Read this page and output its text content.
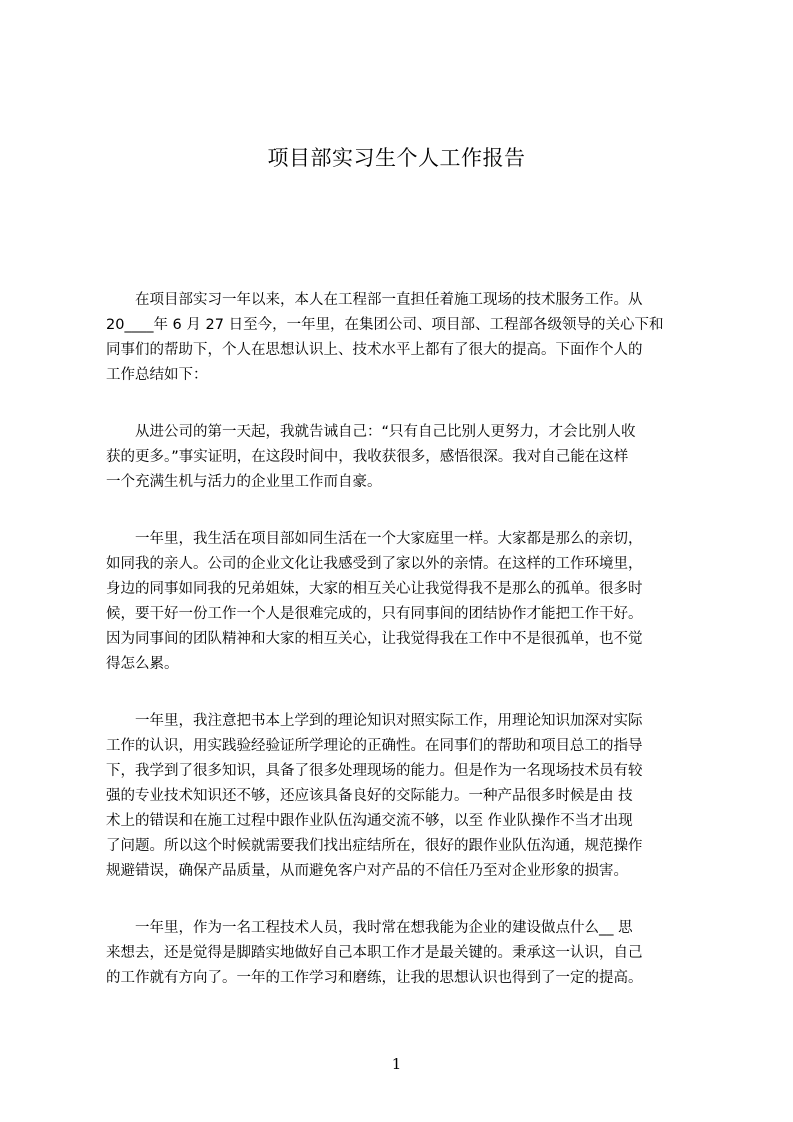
项目部实习生个人工作报告
在项目部实习一年以来，本人在工程部一直担任着施工现场的技术服务工作。从
20____年 6 月 27 日至今，一年里，在集团公司、项目部、工程部各级领导的关心下和
同事们的帮助下，个人在思想认识上、技术水平上都有了很大的提高。下面作个人的
工作总结如下：
从进公司的第一天起，我就告诫自己：“只有自己比别人更努力，才会比别人收
获的更多。”事实证明，在这段时间中，我收获很多，感悟很深。我对自己能在这样
一个充满生机与活力的企业里工作而自豪。
一年里，我生活在项目部如同生活在一个大家庭里一样。大家都是那么的亲切，
如同我的亲人。公司的企业文化让我感受到了家以外的亲情。在这样的工作环境里，
身边的同事如同我的兄弟姐妹，大家的相互关心让我觉得我不是那么的孤单。很多时
候，要干好一份工作一个人是很难完成的，只有同事间的团结协作才能把工作干好。
因为同事间的团队精神和大家的相互关心，让我觉得我在工作中不是很孤单，也不觉
得怎么累。
一年里，我注意把书本上学到的理论知识对照实际工作，用理论知识加深对实际
工作的认识，用实践验经验证所学理论的正确性。在同事们的帮助和项目总工的指导
下，我学到了很多知识，具备了很多处理现场的能力。但是作为一名现场技术员有较
强的专业技术知识还不够，还应该具备良好的交际能力。一种产品很多时候是由 技
术上的错误和在施工过程中跟作业队伍沟通交流不够，以至 作业队操作不当才出现
了问题。所以这个时候就需要我们找出症结所在，很好的跟作业队伍沟通，规范操作
规避错误，确保产品质量，从而避免客户对产品的不信任乃至对企业形象的损害。
一年里，作为一名工程技术人员，我时常在想我能为企业的建设做点什么__ 思
来想去，还是觉得是脚踏实地做好自己本职工作才是最关键的。秉承这一认识，自己
的工作就有方向了。一年的工作学习和磨练，让我的思想认识也得到了一定的提高。
1
